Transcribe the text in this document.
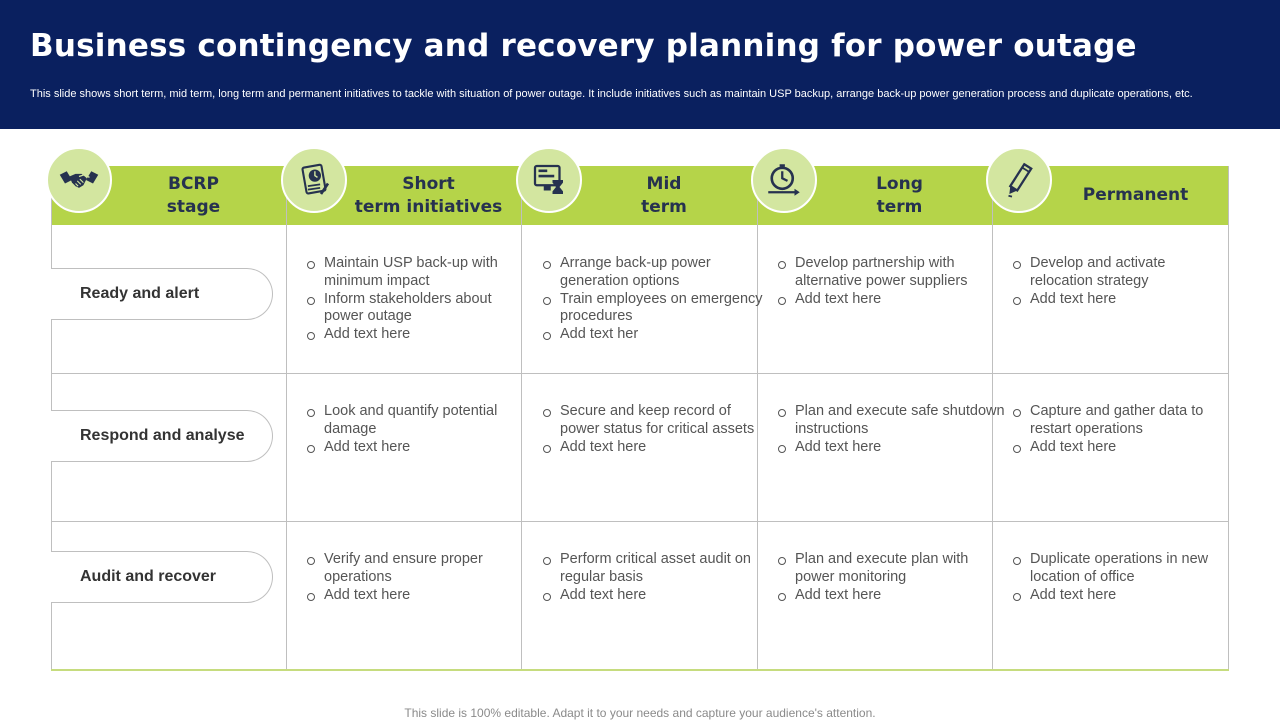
Business contingency and recovery planning for power outage
This slide shows short term, mid term, long term and permanent initiatives to tackle with situation of power outage. It include initiatives such as maintain USP backup, arrange back-up power generation process and duplicate operations, etc.
BCRP
stage
Short
term initiatives
Mid
term
Long
term
Permanent
Ready and alert
Maintain USP back-up with minimum impact
Inform stakeholders about power outage
Add text here
Arrange back-up power generation options
Train employees on emergency procedures
Add text her
Develop partnership with alternative power suppliers
Add text here
Develop and activate relocation strategy
Add text here
Respond and analyse
Look and quantify potential damage
Add text here
Secure and keep record of power status for critical assets
Add text here
Plan and execute safe shutdown instructions
Add text here
Capture and gather data to restart operations
Add text here
Audit and recover
Verify and ensure proper operations
Add text here
Perform critical asset audit on regular basis
Add text here
Plan and execute plan with power monitoring
Add text here
Duplicate operations in new location of office
Add text here
This slide is 100% editable. Adapt it to your needs and capture your audience's attention.
